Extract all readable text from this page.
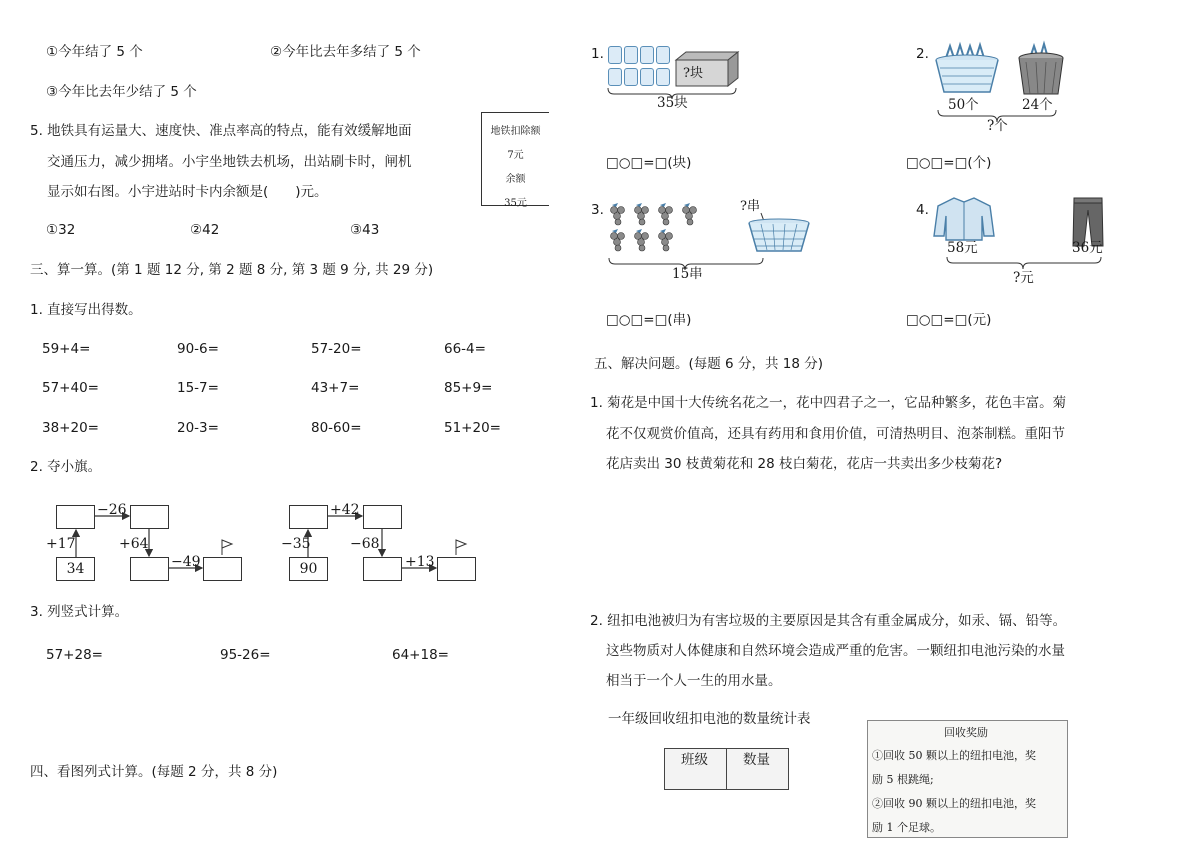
①今年结了 5 个	②今年比去年多结了 5 个
③今年比去年少结了 5 个
5. 地铁具有运量大、速度快、准点率高的特点，能有效缓解地面
交通压力，减少拥堵。小宇坐地铁去机场，出站刷卡时，闸机
显示如右图。小宇进站时卡内余额是(　　)元。
地铁扣除额
7元
余额
35元
①32	②42	③43
三、算一算。(第 1 题 12 分, 第 2 题 8 分, 第 3 题 9 分, 共 29 分)
1. 直接写出得数。
59+4=	90-6=	57-20=	66-4=
57+40=	15-7=	43+7=	85+9=
38+20=	20-3=	80-60=	51+20=
2. 夺小旗。
34
−26
+17	+64
−49	90
+42
−35	−68
+13
3. 列竖式计算。
57+28=	95-26=	64+18=
四、看图列式计算。(每题 2 分，共 8 分)
1.
?块
35块
□○□=□(块)
2.
50个	24个
?个
□○□=□(个)
3.	?串
15串
□○□=□(串)
4.
58元	36元
?元
□○□=□(元)
五、解决问题。(每题 6 分，共 18 分)
1. 菊花是中国十大传统名花之一，花中四君子之一，它品种繁多，花色丰富。菊
花不仅观赏价值高，还具有药用和食用价值，可清热明目、泡茶制糕。重阳节
花店卖出 30 枝黄菊花和 28 枝白菊花，花店一共卖出多少枝菊花?
2. 纽扣电池被归为有害垃圾的主要原因是其含有重金属成分，如汞、镉、铅等。
这些物质对人体健康和自然环境会造成严重的危害。一颗纽扣电池污染的水量
相当于一个人一生的用水量。
一年级回收纽扣电池的数量统计表
班级	数量
回收奖励
①回收 50 颗以上的纽扣电池，奖
励 5 根跳绳;
②回收 90 颗以上的纽扣电池，奖
励 1 个足球。
